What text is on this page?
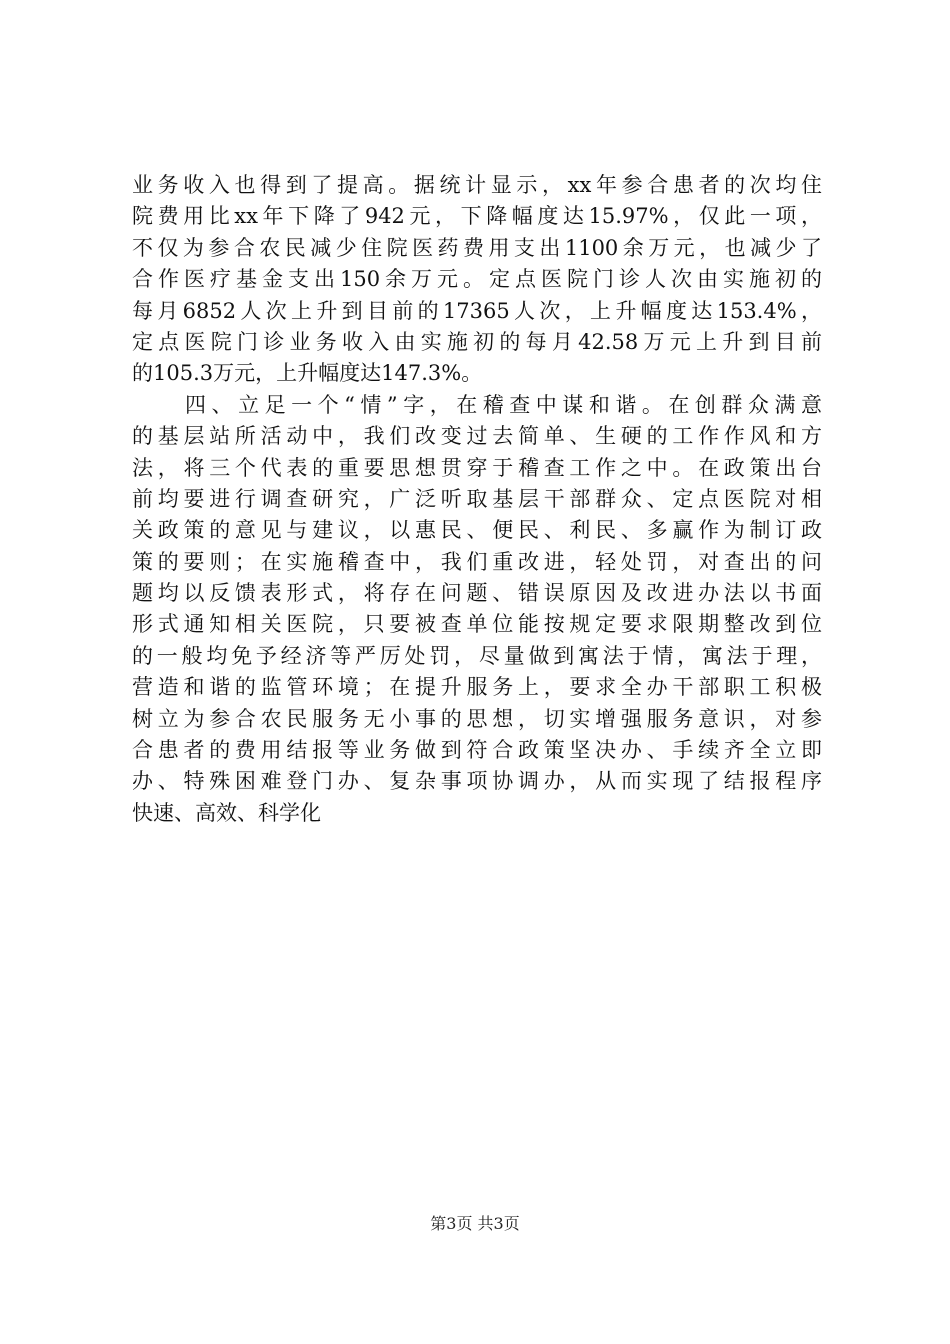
业务收入也得到了提高。据统计显示，xx年参合患者的次均住
院费用比xx年下降了942元，下降幅度达15.97%，仅此一项，
不仅为参合农民减少住院医药费用支出1100余万元，也减少了
合作医疗基金支出150余万元。定点医院门诊人次由实施初的
每月6852人次上升到目前的17365人次，上升幅度达153.4%，
定点医院门诊业务收入由实施初的每月42.58万元上升到目前
的105.3万元，上升幅度达147.3%。
　　四、立足一个“情”字，在稽查中谋和谐。在创群众满意
的基层站所活动中，我们改变过去简单、生硬的工作作风和方
法，将三个代表的重要思想贯穿于稽查工作之中。在政策出台
前均要进行调查研究，广泛听取基层干部群众、定点医院对相
关政策的意见与建议，以惠民、便民、利民、多赢作为制订政
策的要则；在实施稽查中，我们重改进，轻处罚，对查出的问
题均以反馈表形式，将存在问题、错误原因及改进办法以书面
形式通知相关医院，只要被查单位能按规定要求限期整改到位
的一般均免予经济等严厉处罚，尽量做到寓法于情，寓法于理，
营造和谐的监管环境；在提升服务上，要求全办干部职工积极
树立为参合农民服务无小事的思想，切实增强服务意识，对参
合患者的费用结报等业务做到符合政策坚决办、手续齐全立即
办、特殊困难登门办、复杂事项协调办，从而实现了结报程序
快速、高效、科学化
第3页 共3页
